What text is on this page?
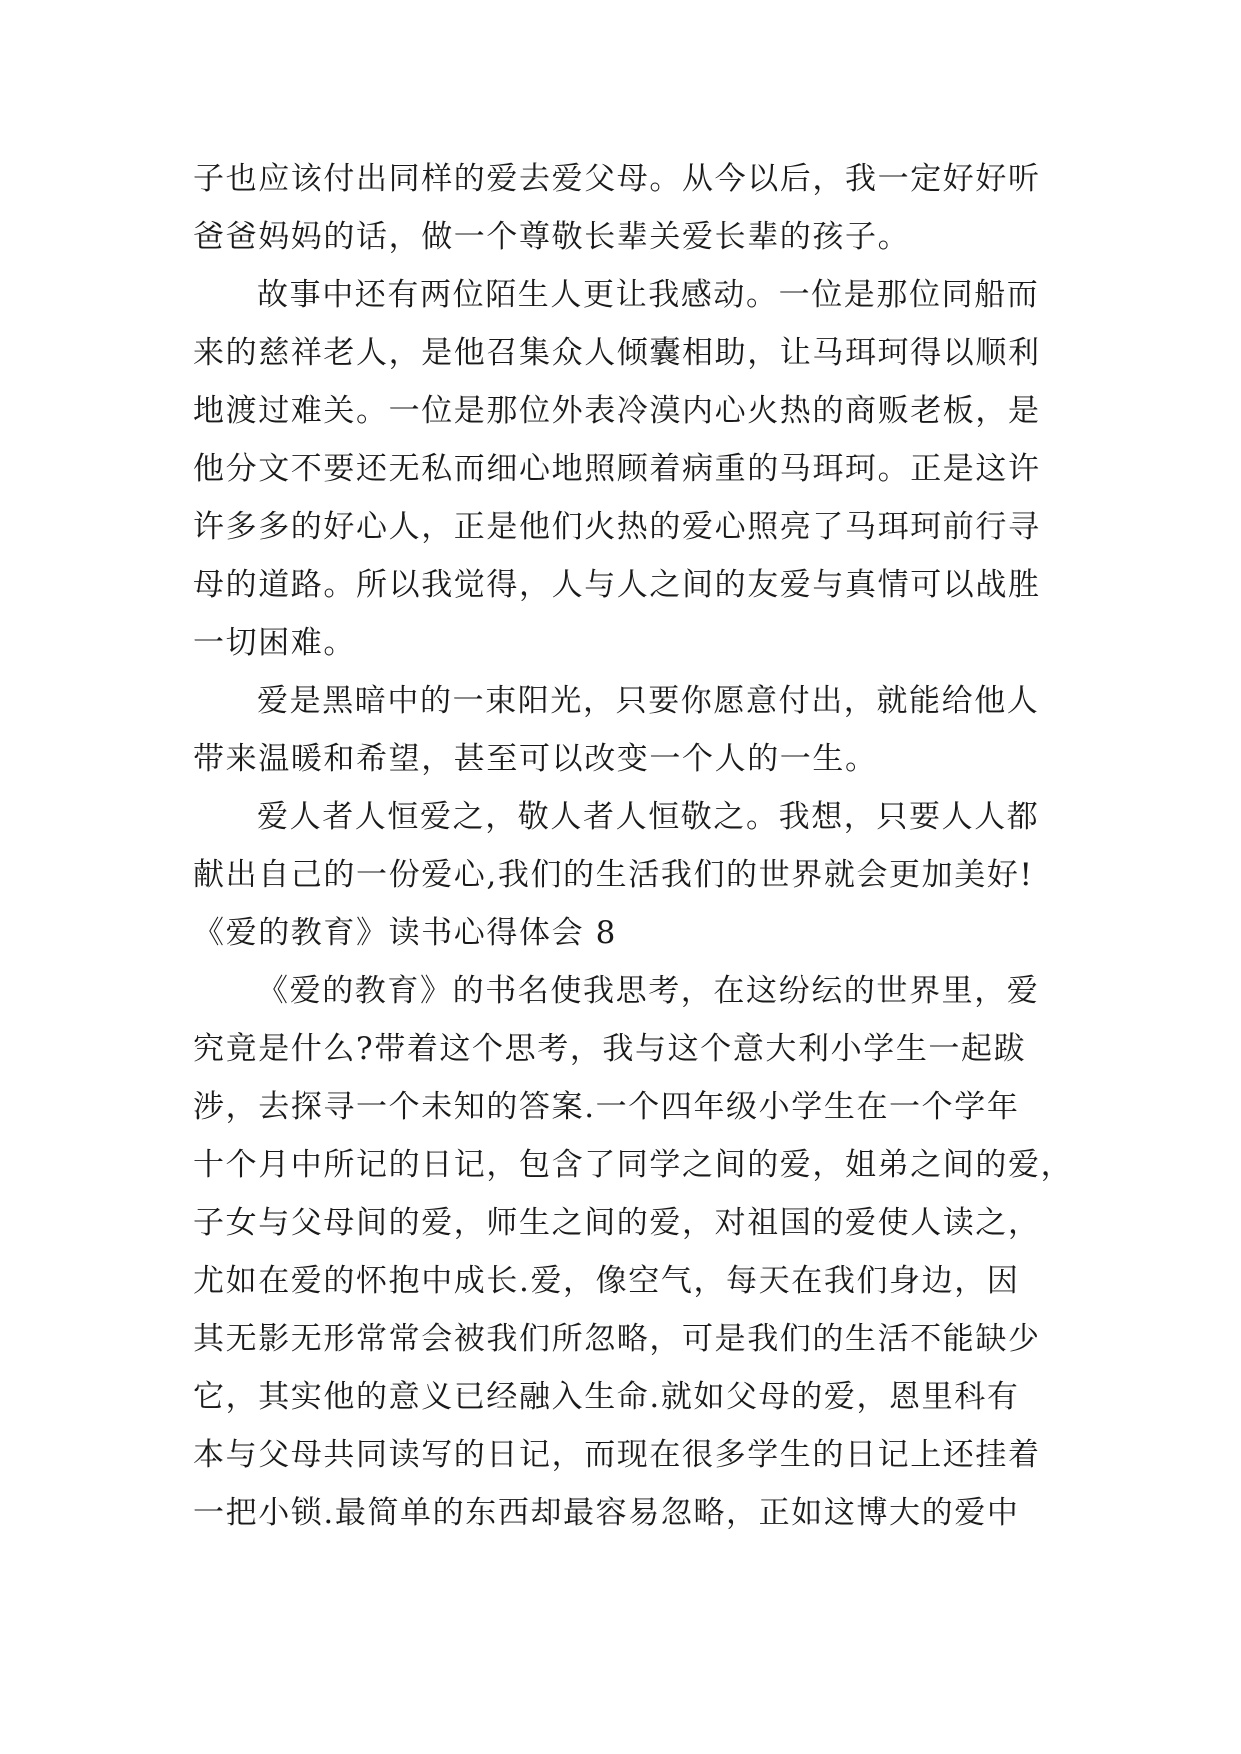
子也应该付出同样的爱去爱父母。从今以后，我一定好好听
爸爸妈妈的话，做一个尊敬长辈关爱长辈的孩子。
故事中还有两位陌生人更让我感动。一位是那位同船而
来的慈祥老人，是他召集众人倾囊相助，让马珥珂得以顺利
地渡过难关。一位是那位外表冷漠内心火热的商贩老板，是
他分文不要还无私而细心地照顾着病重的马珥珂。正是这许
许多多的好心人，正是他们火热的爱心照亮了马珥珂前行寻
母的道路。所以我觉得，人与人之间的友爱与真情可以战胜
一切困难。
爱是黑暗中的一束阳光，只要你愿意付出，就能给他人
带来温暖和希望，甚至可以改变一个人的一生。
爱人者人恒爱之，敬人者人恒敬之。我想，只要人人都
献出自己的一份爱心,我们的生活我们的世界就会更加美好!
《爱的教育》读书心得体会 8
《爱的教育》的书名使我思考，在这纷纭的世界里，爱
究竟是什么?带着这个思考，我与这个意大利小学生一起跋
涉，去探寻一个未知的答案.一个四年级小学生在一个学年
十个月中所记的日记，包含了同学之间的爱，姐弟之间的爱，
子女与父母间的爱，师生之间的爱，对祖国的爱使人读之，
尤如在爱的怀抱中成长.爱，像空气，每天在我们身边，因
其无影无形常常会被我们所忽略，可是我们的生活不能缺少
它，其实他的意义已经融入生命.就如父母的爱，恩里科有
本与父母共同读写的日记，而现在很多学生的日记上还挂着
一把小锁.最简单的东西却最容易忽略，正如这博大的爱中
